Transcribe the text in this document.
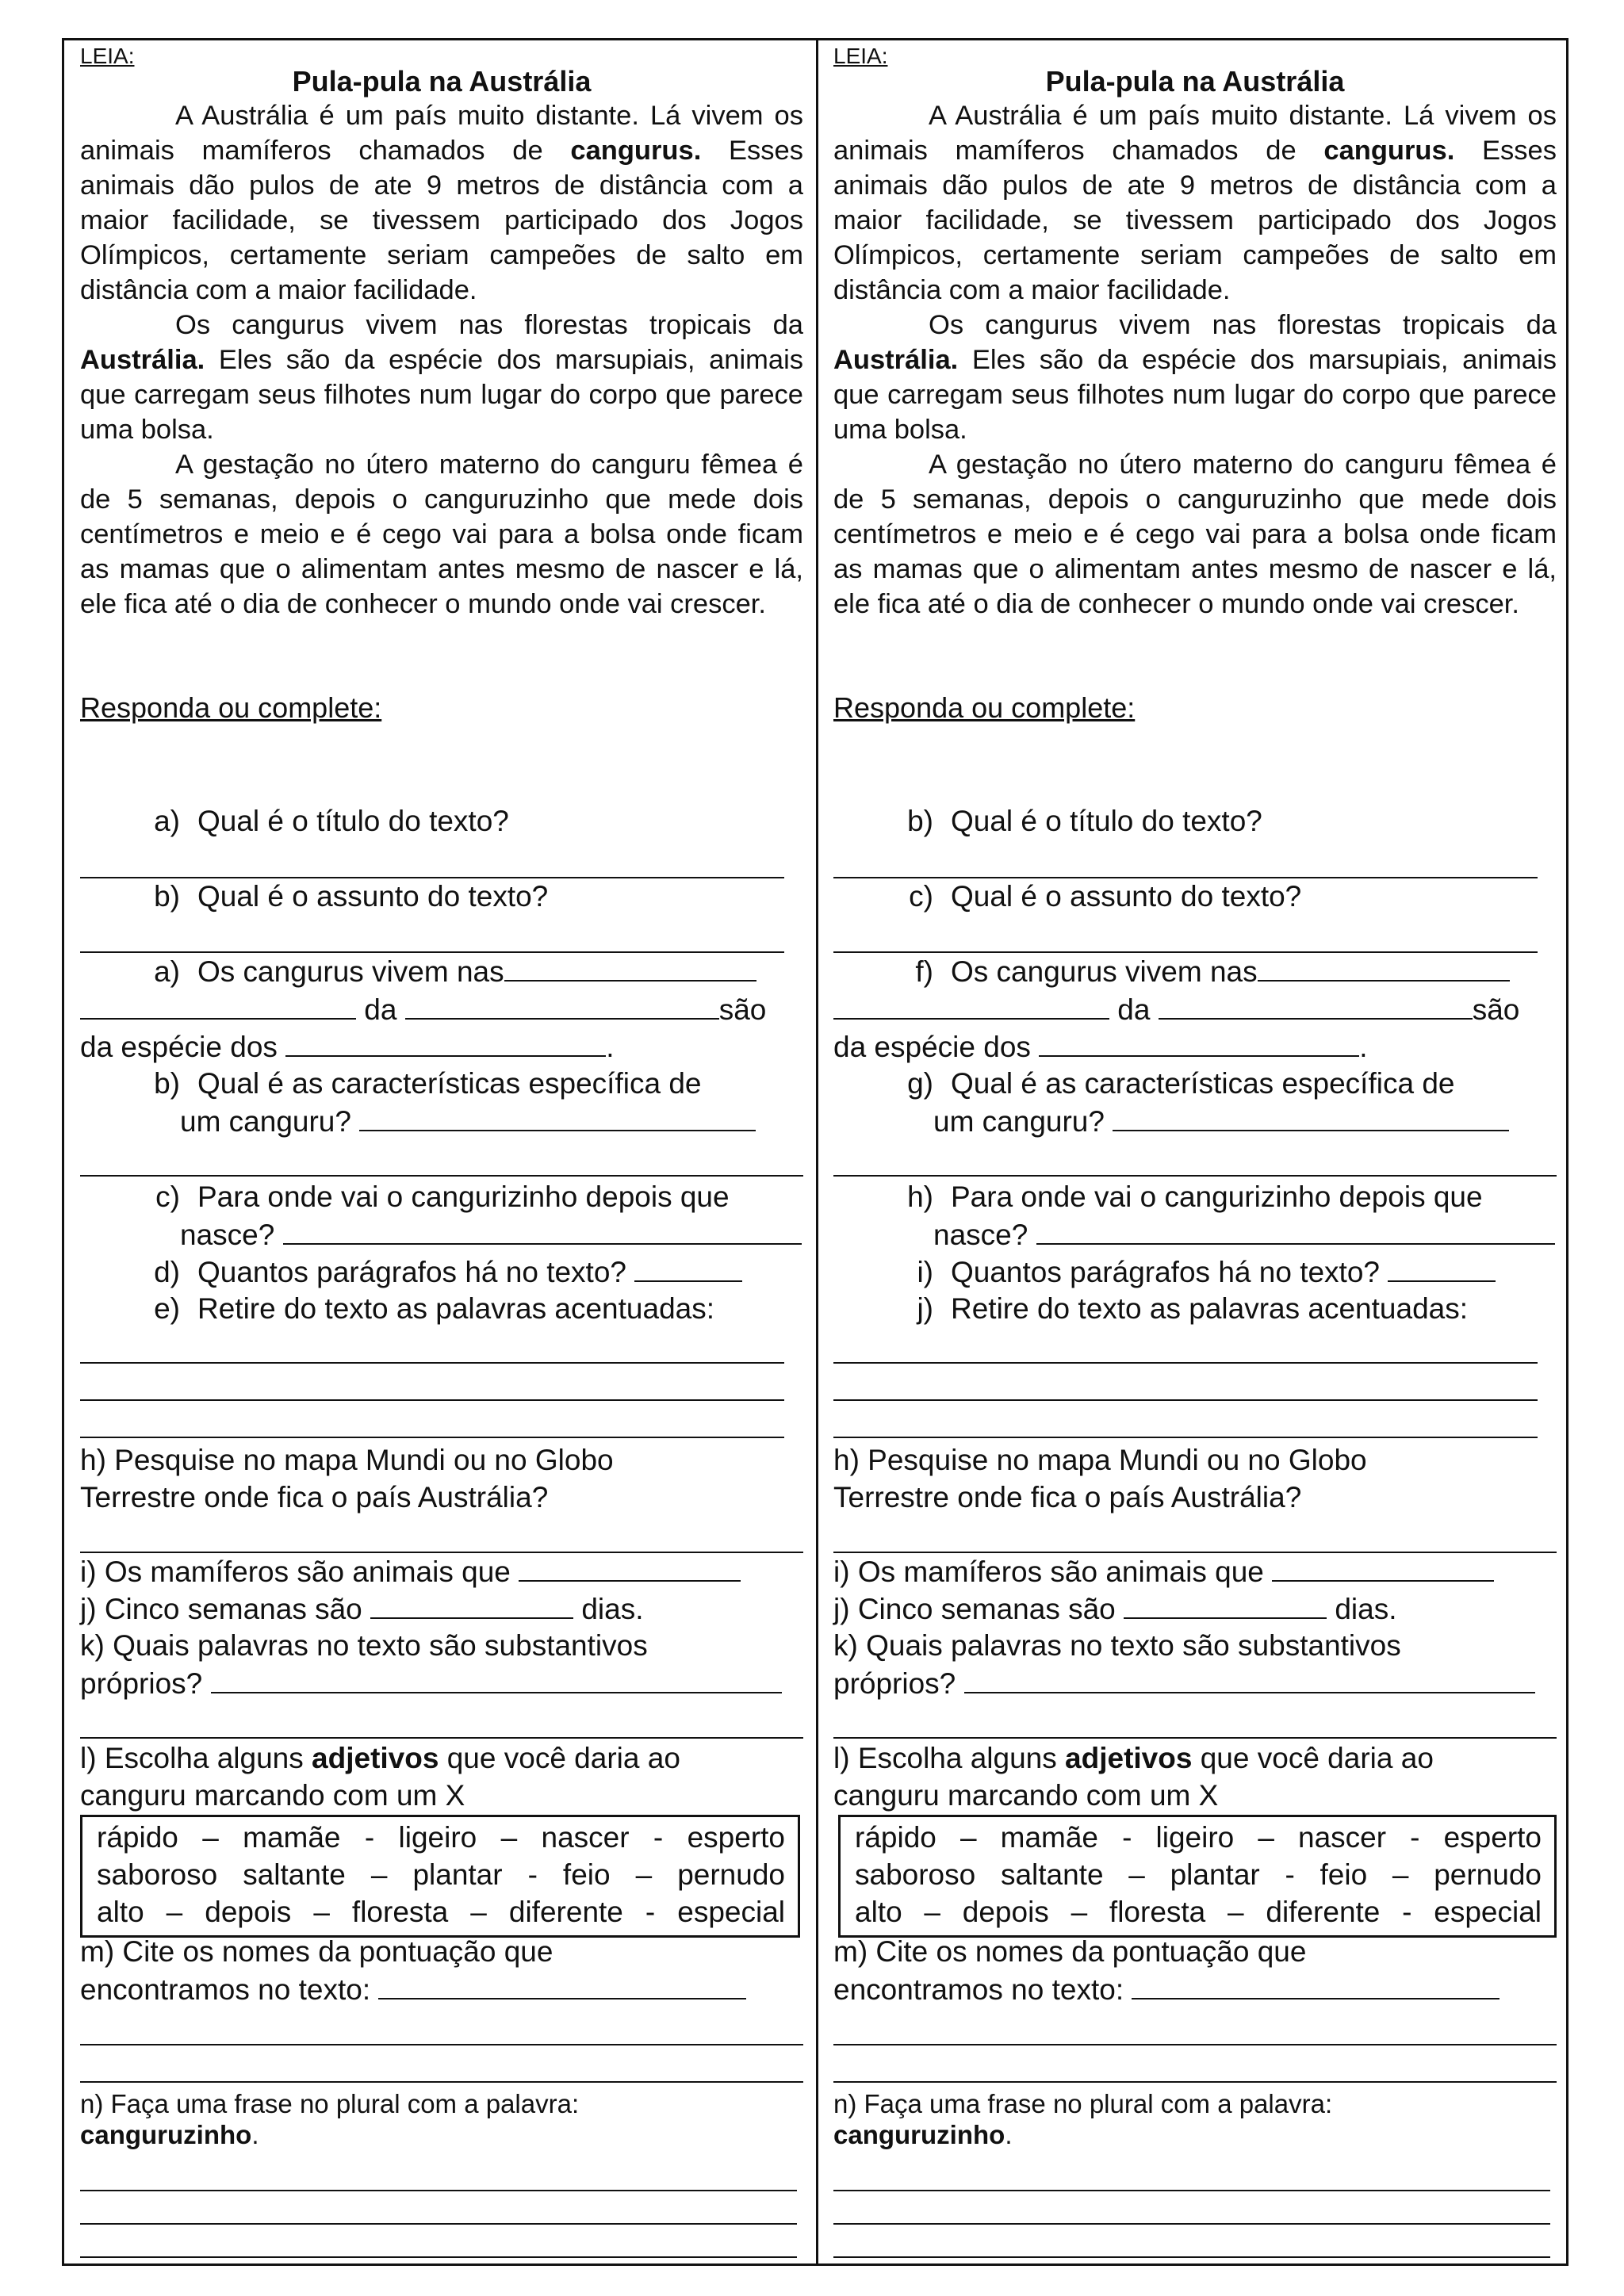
LEIA:
Pula-pula na Austrália

A Austrália é um país muito distante. Lá vivem os animais mamíferos chamados de cangurus. Esses animais dão pulos de ate 9 metros de distância com a maior facilidade, se tivessem participado dos Jogos Olímpicos, certamente seriam campeões de salto em distância com a maior facilidade.

Os cangurus vivem nas florestas tropicais da Austrália. Eles são da espécie dos marsupiais, animais que carregam seus filhotes num lugar do corpo que parece uma bolsa.

A gestação no útero materno do canguru fêmea é de 5 semanas, depois o canguruzinho que mede dois centímetros e meio e é cego vai para a bolsa onde ficam as mamas que o alimentam antes mesmo de nascer e lá, ele fica até o dia de conhecer o mundo onde vai crescer.

Responda ou complete:
a) Qual é o título do texto?
b) Qual é o assunto do texto?
a) Os cangurus vivem nas
da	são
da espécie dos	.
b) Qual é as características específica de
um canguru?
c) Para onde vai o cangurizinho depois que
nasce?
d) Quantos parágrafos há no texto?
e) Retire do texto as palavras acentuadas:
h) Pesquise no mapa Mundi ou no Globo
Terrestre onde fica o país Austrália?
i) Os mamíferos são animais que
j) Cinco semanas são	dias.
k) Quais palavras no texto são substantivos
próprios?
l) Escolha alguns adjetivos que você daria ao
canguru marcando com um X
rápido – mamãe - ligeiro – nascer - esperto
saboroso saltante – plantar - feio – pernudo
alto – depois – floresta – diferente - especial
m) Cite os nomes da pontuação que
encontramos no texto:
n) Faça uma frase no plural com a palavra:
canguruzinho.
LEIA:
Pula-pula na Austrália

A Austrália é um país muito distante. Lá vivem os animais mamíferos chamados de cangurus. Esses animais dão pulos de ate 9 metros de distância com a maior facilidade, se tivessem participado dos Jogos Olímpicos, certamente seriam campeões de salto em distância com a maior facilidade.

Os cangurus vivem nas florestas tropicais da Austrália. Eles são da espécie dos marsupiais, animais que carregam seus filhotes num lugar do corpo que parece uma bolsa.

A gestação no útero materno do canguru fêmea é de 5 semanas, depois o canguruzinho que mede dois centímetros e meio e é cego vai para a bolsa onde ficam as mamas que o alimentam antes mesmo de nascer e lá, ele fica até o dia de conhecer o mundo onde vai crescer.

Responda ou complete:
b) Qual é o título do texto?
c) Qual é o assunto do texto?
f) Os cangurus vivem nas
da	são
da espécie dos	.
g) Qual é as características específica de
um canguru?
h) Para onde vai o cangurizinho depois que
nasce?
i) Quantos parágrafos há no texto?
j) Retire do texto as palavras acentuadas:
h) Pesquise no mapa Mundi ou no Globo
Terrestre onde fica o país Austrália?
i) Os mamíferos são animais que
j) Cinco semanas são	dias.
k) Quais palavras no texto são substantivos
próprios?
l) Escolha alguns adjetivos que você daria ao
canguru marcando com um X
rápido – mamãe - ligeiro – nascer - esperto
saboroso saltante – plantar - feio – pernudo
alto – depois – floresta – diferente - especial
m) Cite os nomes da pontuação que
encontramos no texto:
n) Faça uma frase no plural com a palavra:
canguruzinho.
